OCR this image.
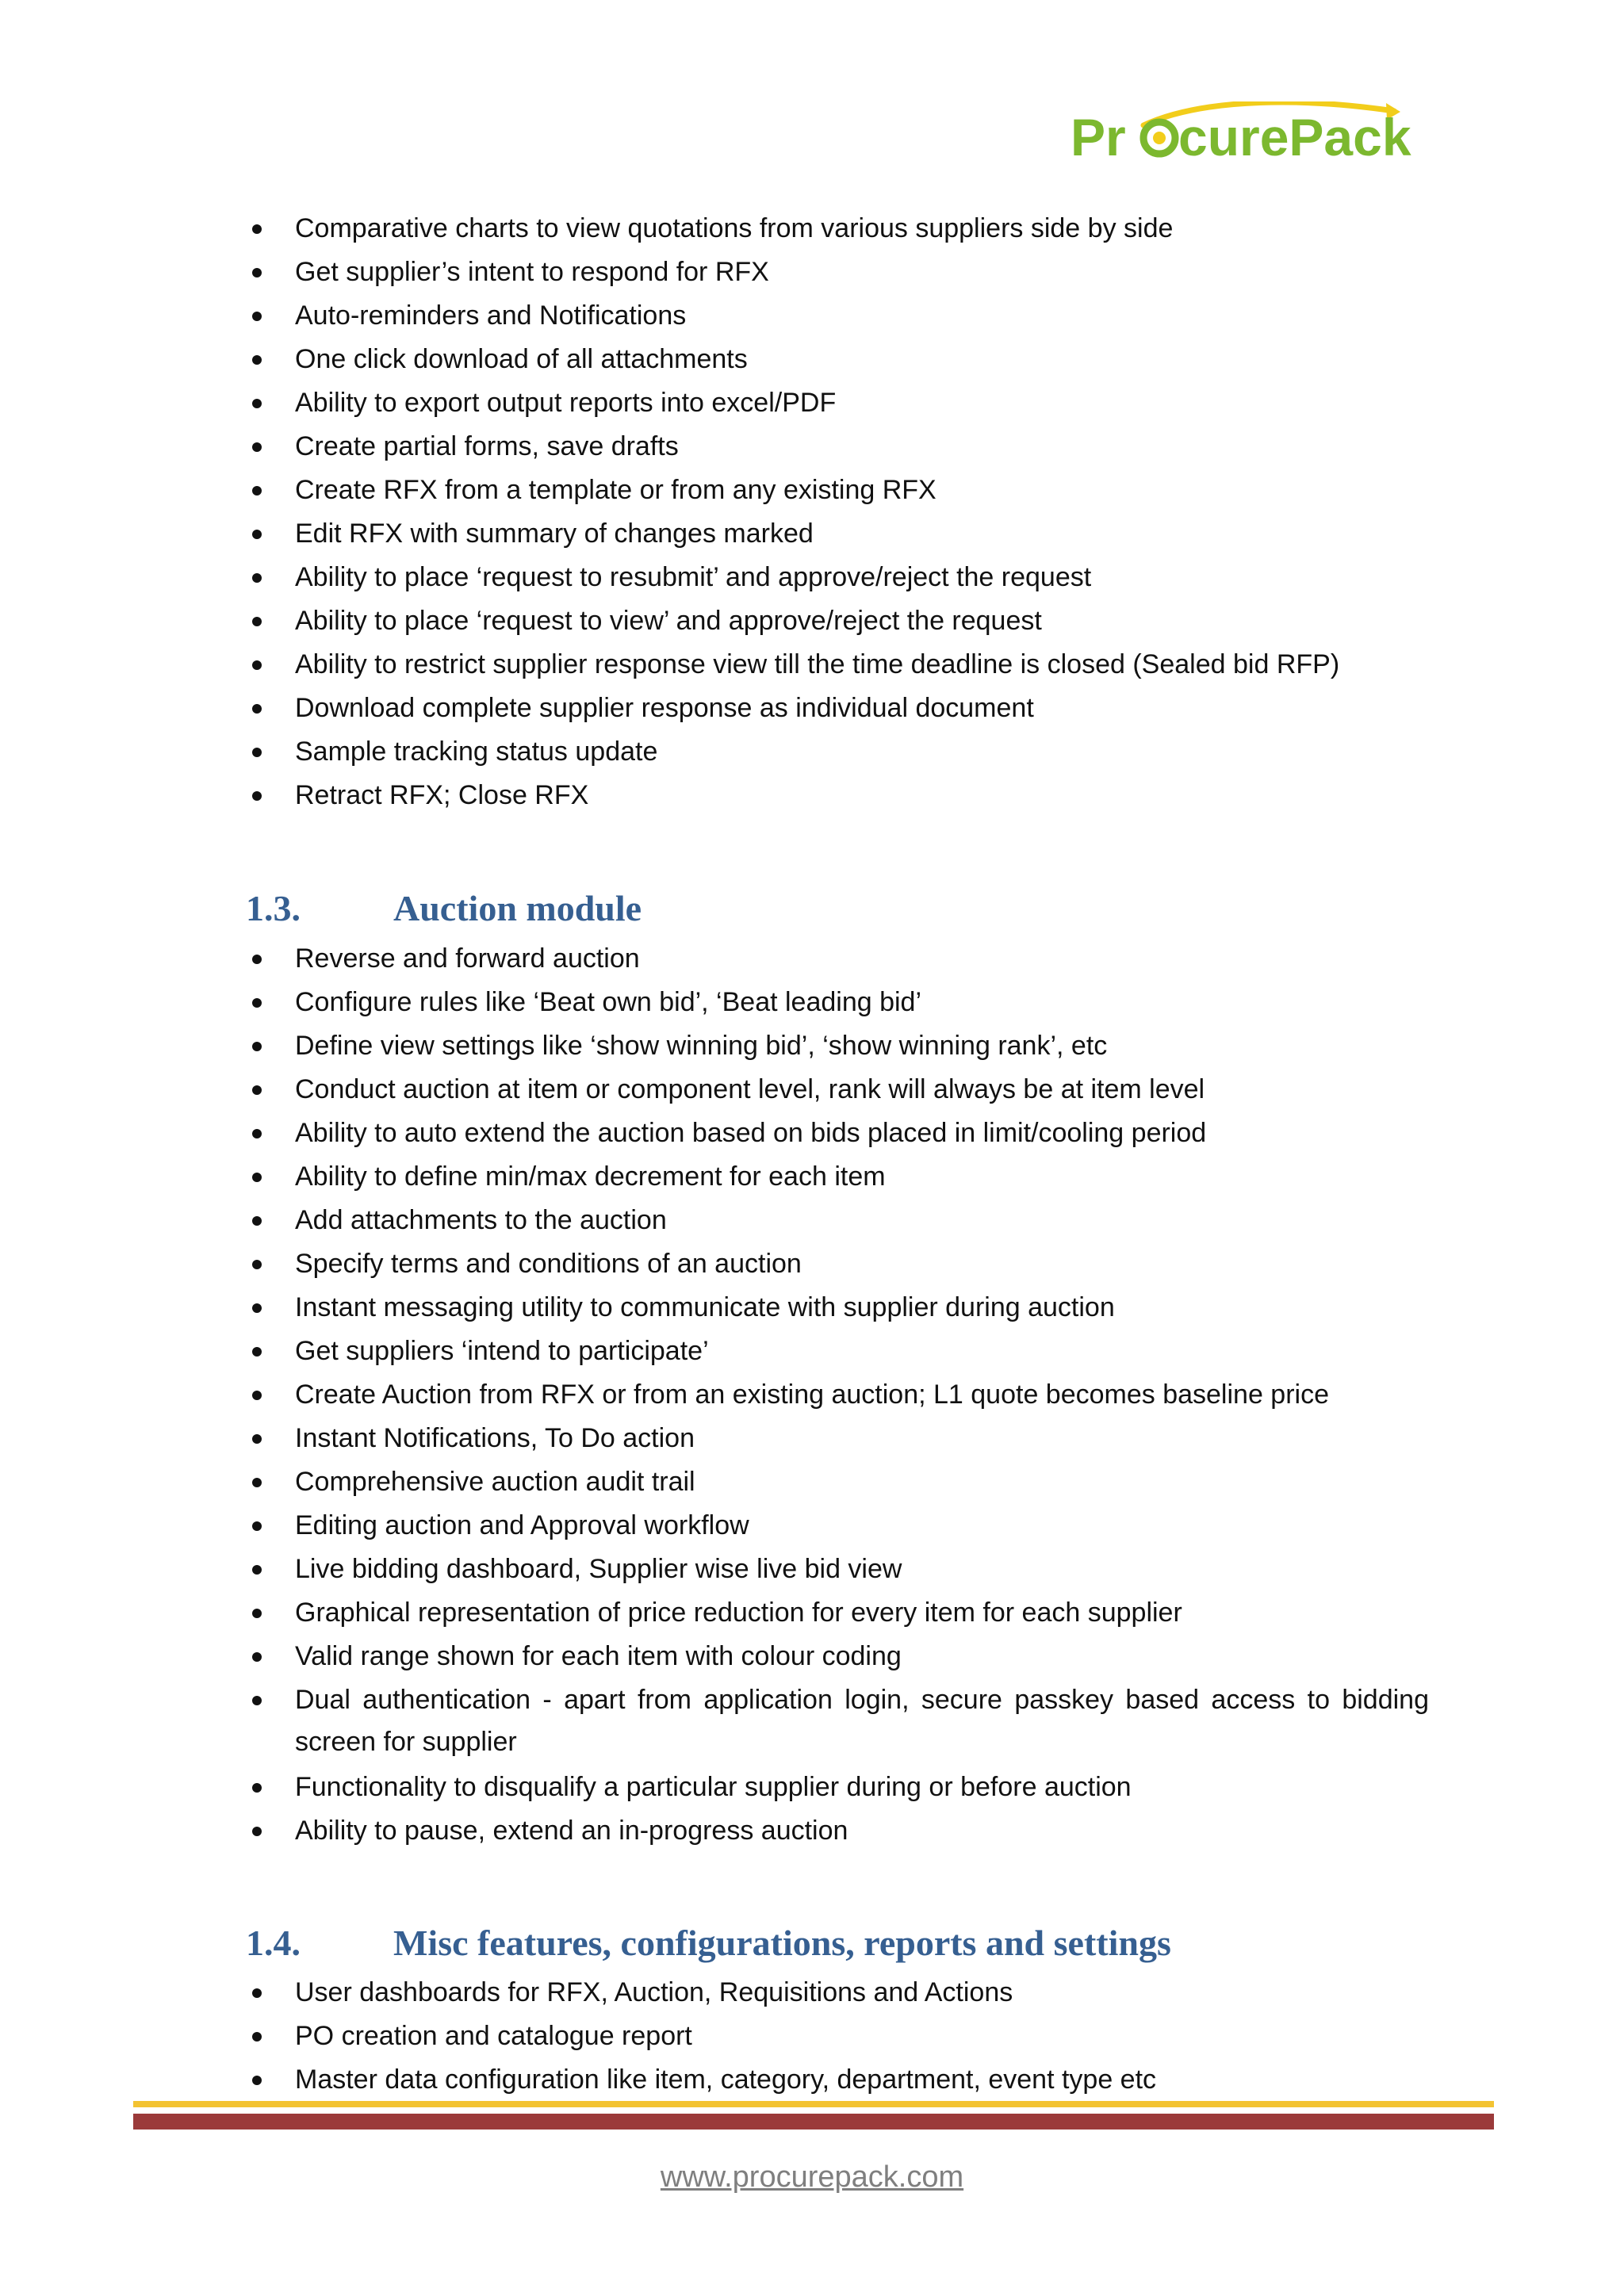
Pr curePack
Comparative charts to view quotations from various suppliers side by side
Get supplier’s intent to respond for RFX
Auto-reminders and Notifications
One click download of all attachments
Ability to export output reports into excel/PDF
Create partial forms, save drafts
Create RFX from a template or from any existing RFX
Edit RFX with summary of changes marked
Ability to place ‘request to resubmit’ and approve/reject the request
Ability to place ‘request to view’ and approve/reject the request
Ability to restrict supplier response view till the time deadline is closed (Sealed bid RFP)
Download complete supplier response as individual document
Sample tracking status update
Retract RFX; Close RFX
1.3.	Auction module
Reverse and forward auction
Configure rules like ‘Beat own bid’, ‘Beat leading bid’
Define view settings like ‘show winning bid’, ‘show winning rank’, etc
Conduct auction at item or component level, rank will always be at item level
Ability to auto extend the auction based on bids placed in limit/cooling period
Ability to define min/max decrement for each item
Add attachments to the auction
Specify terms and conditions of an auction
Instant messaging utility to communicate with supplier during auction
Get suppliers ‘intend to participate’
Create Auction from RFX or from an existing auction; L1 quote becomes baseline price
Instant Notifications, To Do action
Comprehensive auction audit trail
Editing auction and Approval workflow
Live bidding dashboard, Supplier wise live bid view
Graphical representation of price reduction for every item for each supplier
Valid range shown for each item with colour coding
Dual authentication - apart from application login, secure passkey based access to bidding screen for supplier
Functionality to disqualify a particular supplier during or before auction
Ability to pause, extend an in-progress auction
1.4.	Misc features, configurations, reports and settings
User dashboards for RFX, Auction, Requisitions and Actions
PO creation and catalogue report
Master data configuration like item, category, department, event type etc
www.procurepack.com
